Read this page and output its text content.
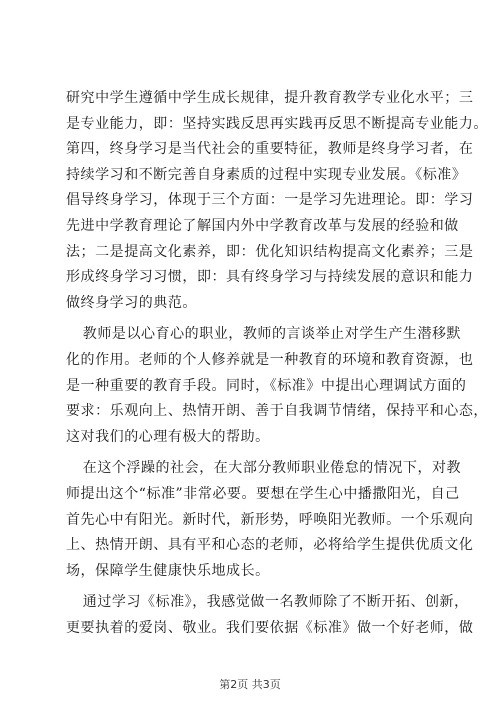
研究中学生遵循中学生成长规律，提升教育教学专业化水平；三
是专业能力，即：坚持实践反思再实践再反思不断提高专业能力。
第四，终身学习是当代社会的重要特征，教师是终身学习者，在
持续学习和不断完善自身素质的过程中实现专业发展。《标准》
倡导终身学习，体现于三个方面：一是学习先进理论。即：学习
先进中学教育理论了解国内外中学教育改革与发展的经验和做
法；二是提高文化素养，即：优化知识结构提高文化素养；三是
形成终身学习习惯，即：具有终身学习与持续发展的意识和能力
做终身学习的典范。
教师是以心育心的职业，教师的言谈举止对学生产生潜移默
化的作用。老师的个人修养就是一种教育的环境和教育资源，也
是一种重要的教育手段。同时，《标准》中提出心理调试方面的
要求：乐观向上、热情开朗、善于自我调节情绪，保持平和心态，
这对我们的心理有极大的帮助。
在这个浮躁的社会，在大部分教师职业倦怠的情况下，对教
师提出这个“标准”非常必要。要想在学生心中播撒阳光，自己
首先心中有阳光。新时代，新形势，呼唤阳光教师。一个乐观向
上、热情开朗、具有平和心态的老师，必将给学生提供优质文化
场，保障学生健康快乐地成长。
通过学习《标准》，我感觉做一名教师除了不断开拓、创新，
更要执着的爱岗、敬业。我们要依据《标准》做一个好老师，做
第2页 共3页
